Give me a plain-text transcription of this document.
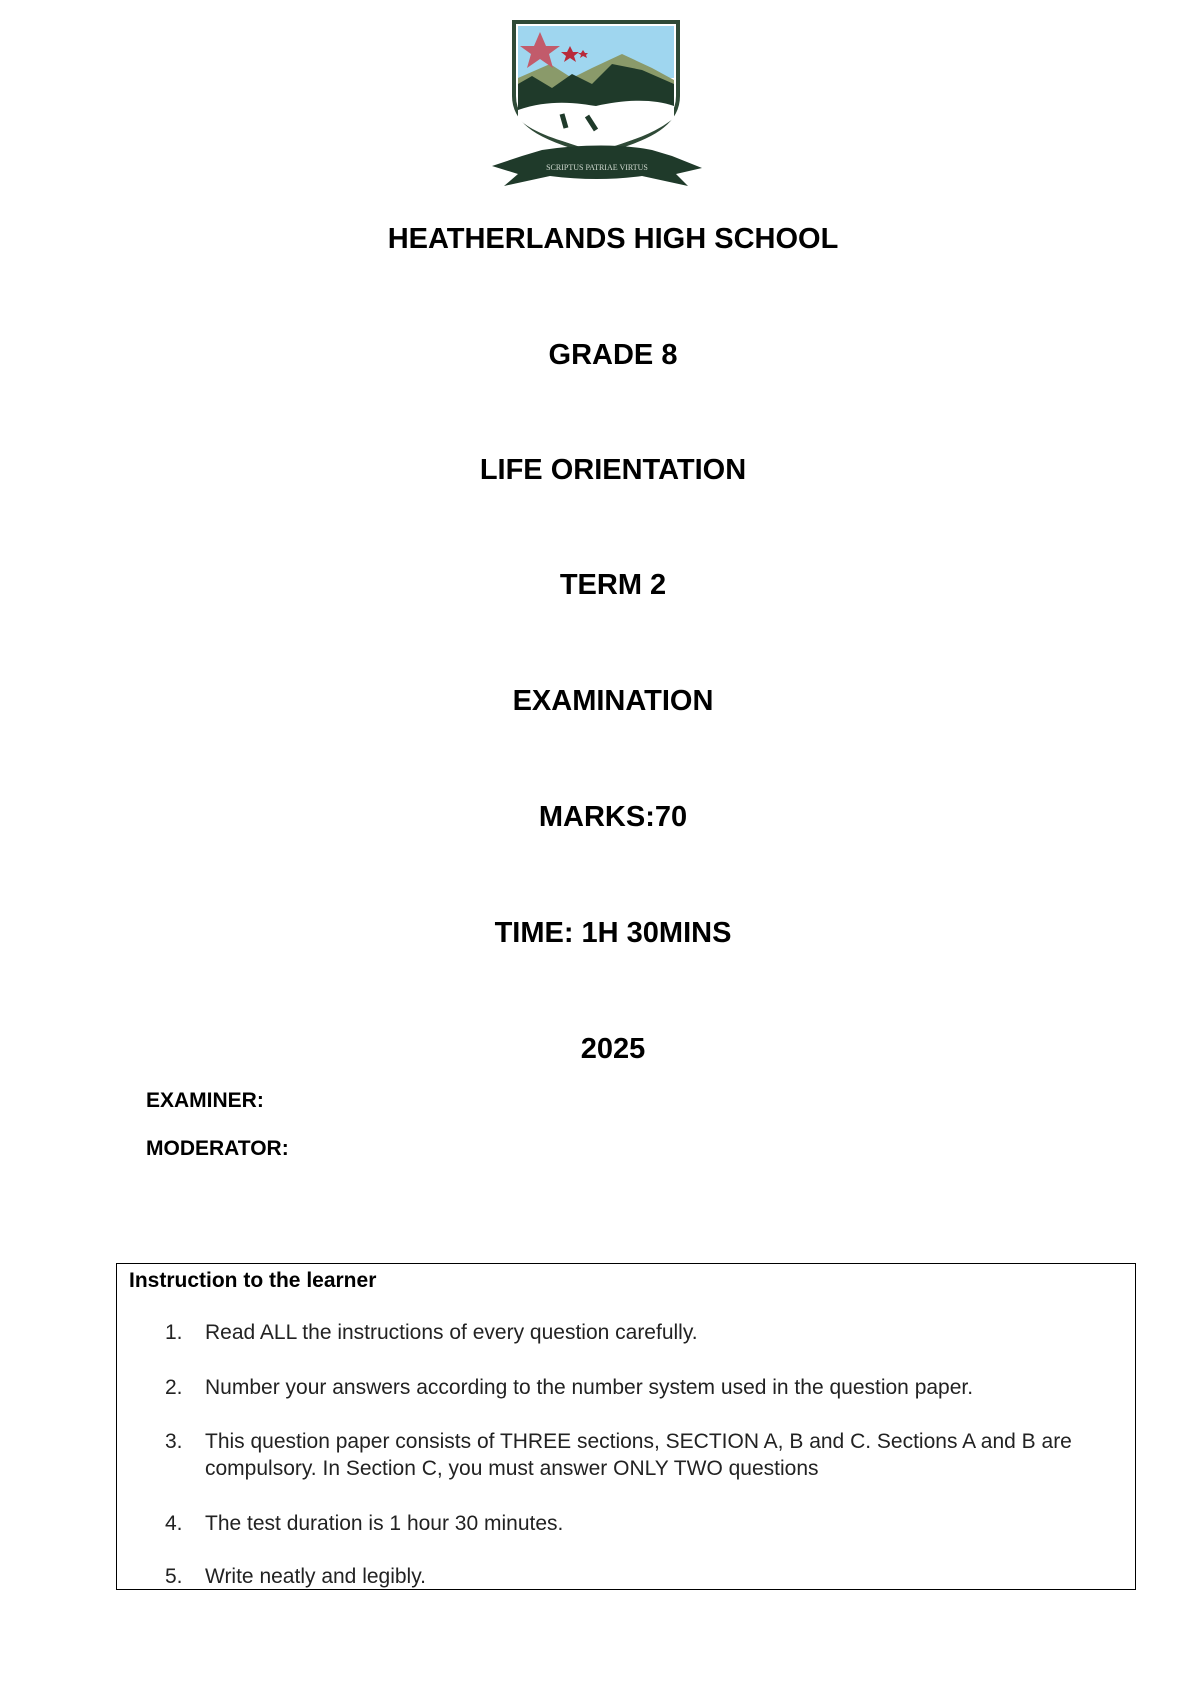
SCRIPTUS PATRIAE VIRTUS
HEATHERLANDS HIGH SCHOOL
GRADE 8
LIFE ORIENTATION
TERM 2
EXAMINATION
MARKS:70
TIME: 1H 30MINS
2025
EXAMINER:
MODERATOR:
Instruction to the learner
1. Read ALL the instructions of every question carefully.
2. Number your answers according to the number system used in the question paper.
3. This question paper consists of THREE sections, SECTION A, B and C. Sections A and B are compulsory. In Section C, you must answer ONLY TWO questions
4. The test duration is 1 hour 30 minutes.
5. Write neatly and legibly.
